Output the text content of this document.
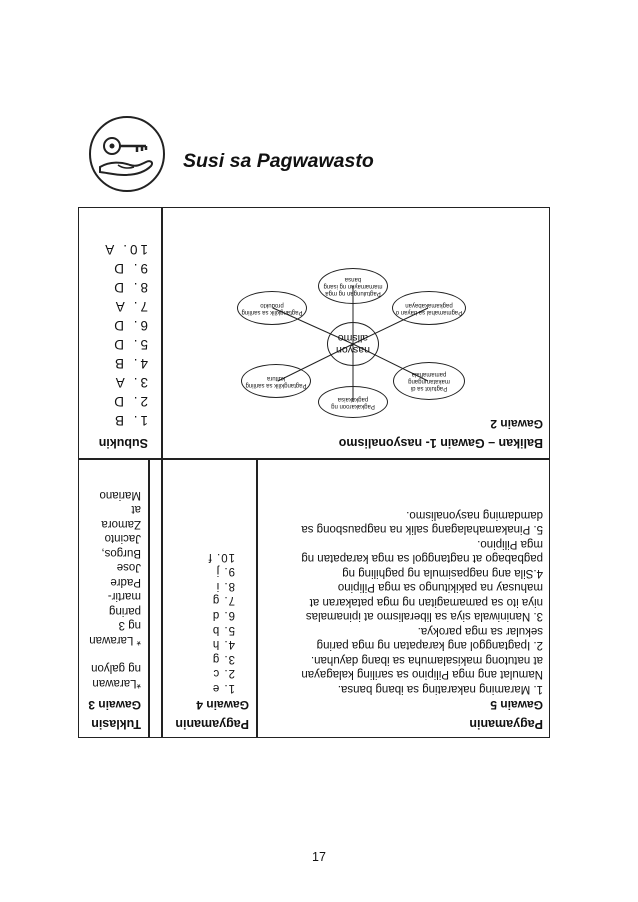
Susi sa Pagwawasto
Subukin
1. B
2. D
3. A
4. B
5. D
6. D
7. A
8. D
9. D
10. A
Balikan – Gawain 1- nasyonalismo
Gawain 2
Pagkakaroon ng pagkakaisa
Pagtangkilik sa sariling kultura
Pagtangkilik sa sariling produkto
Pagtulungan ng mga mamamayan ng isang bansa
Pagmamahal sa bayan o pagkamakabayan
Pagtulot sa di makatarungang pamamahala
nasyon alismo
Tuklasin
Gawain 3
*Larawan
ng galyon
* Larawan
ng 3
paring
martir-
Padre
Jose
Burgos,
Jacinto
Zamora
at
Mariano
Pagyamanin
Gawain 4
1. e
2. c
3. g
4. h
5. b
6. d
7. g
8. i
9. j
10. f
Pagyamanin
Gawain 5
1. Maraming nakarating sa ibang bansa.
Namulat ang mga Pilipino sa sariling kalagayan
at natutong makisalamuha sa ibang dayuhan.
2. Ipagtanggol ang karapatan ng mga paring
sekular sa mga parokya.
3. Naniniwala siya sa liberalismo at ipinamalas
niya ito sa pamamagitan ng mga patakaran at
mahusay na pakikitungo sa mga Pilipino
4.Sila ang nagpasimula ng paghiling ng
pagbabago at nagtanggol sa mga karapatan ng
mga Pilipino.
5. Pinakamahalagang salik na nagpausbong sa
damdaming nasyonalismo.
17
